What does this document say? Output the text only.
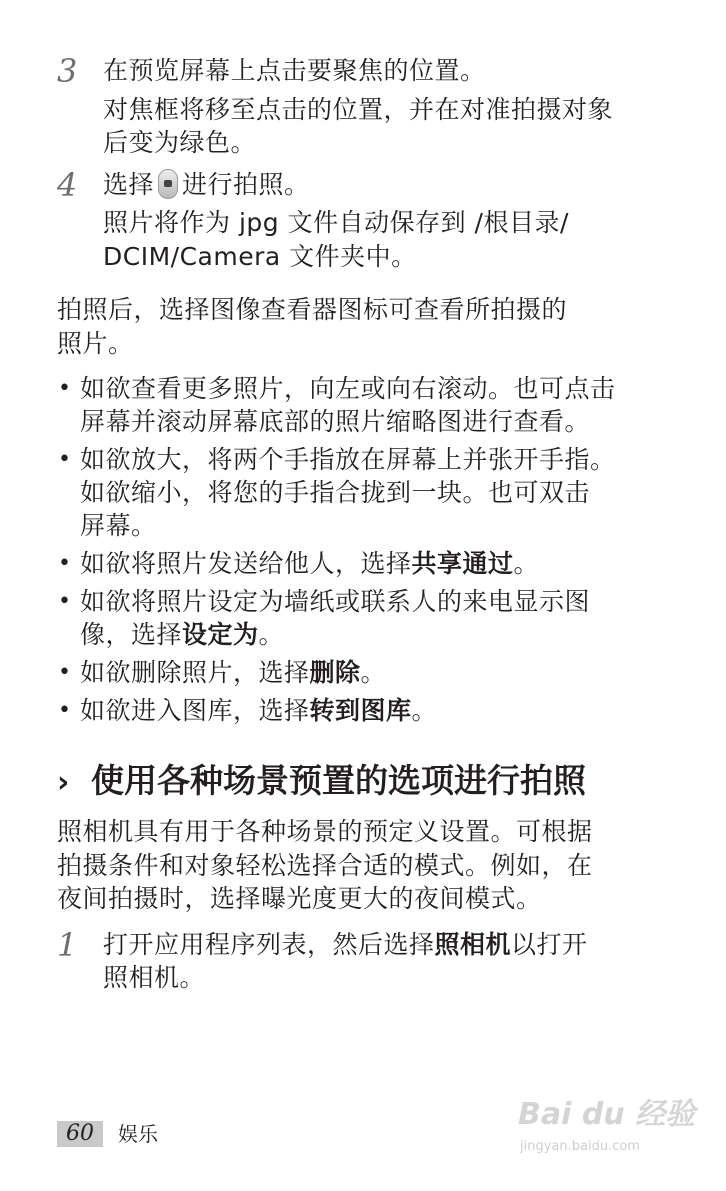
3 在预览屏幕上点击要聚焦的位置。
对焦框将移至点击的位置，并在对准拍摄对象
后变为绿色。
4 选择 进行拍照。
照片将作为 jpg 文件自动保存到 /根目录/
DCIM/Camera 文件夹中。
拍照后，选择图像查看器图标可查看所拍摄的
照片。
• 如欲查看更多照片，向左或向右滚动。也可点击
屏幕并滚动屏幕底部的照片缩略图进行查看。
• 如欲放大，将两个手指放在屏幕上并张开手指。
如欲缩小，将您的手指合拢到一块。也可双击
屏幕。
• 如欲将照片发送给他人，选择共享通过。
• 如欲将照片设定为墙纸或联系人的来电显示图
像，选择设定为。
• 如欲删除照片，选择删除。
• 如欲进入图库，选择转到图库。
› 使用各种场景预置的选项进行拍照
照相机具有用于各种场景的预定义设置。可根据
拍摄条件和对象轻松选择合适的模式。例如，在
夜间拍摄时，选择曝光度更大的夜间模式。
1 打开应用程序列表，然后选择照相机以打开
照相机。
60	娱乐
Bai du 经验
jingyan.baidu.com
